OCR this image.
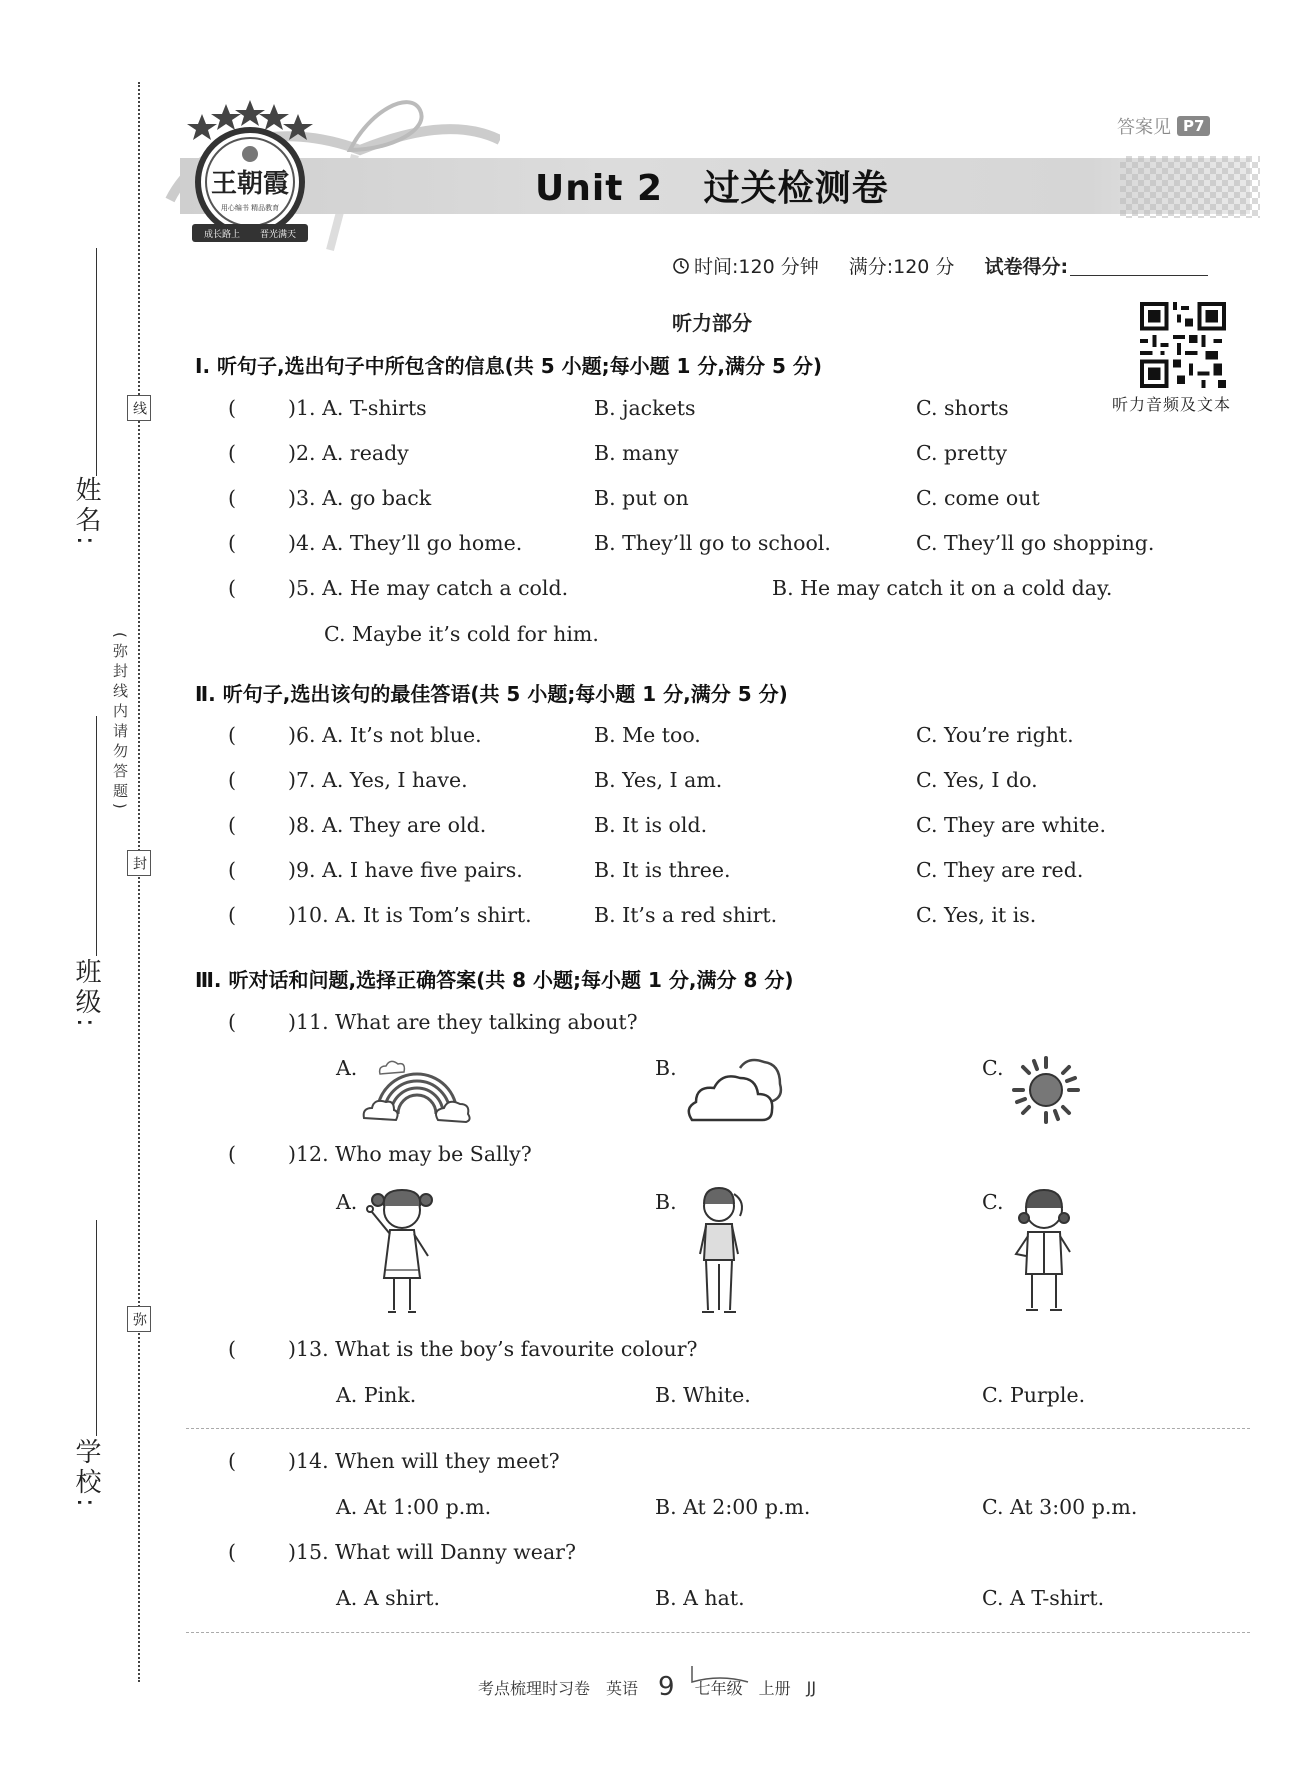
姓名:
班级:
学校:
线
封
弥
(弥封线内请勿答题)
王朝霞
用心编书 精品教育
成长路上 晋光满天
Unit 2   过关检测卷
答案见 P7
时间:120 分钟 满分:120 分 试卷得分:
听力音频及文本
听力部分
Ⅰ. 听句子,选出句子中所包含的信息(共 5 小题;每小题 1 分,满分 5 分)
(	)1. A. T-shirts	B. jackets	C. shorts
(	)2. A. ready	B. many	C. pretty
(	)3. A. go back	B. put on	C. come out
(	)4. A. They’ll go home.	B. They’ll go to school.	C. They’ll go shopping.
(	)5. A. He may catch a cold.	B. He may catch it on a cold day.
C. Maybe it’s cold for him.
Ⅱ. 听句子,选出该句的最佳答语(共 5 小题;每小题 1 分,满分 5 分)
(	)6. A. It’s not blue.	B. Me too.	C. You’re right.
(	)7. A. Yes, I have.	B. Yes, I am.	C. Yes, I do.
(	)8. A. They are old.	B. It is old.	C. They are white.
(	)9. A. I have five pairs.	B. It is three.	C. They are red.
(	)10. A. It is Tom’s shirt.	B. It’s a red shirt.	C. Yes, it is.
Ⅲ. 听对话和问题,选择正确答案(共 8 小题;每小题 1 分,满分 8 分)
(	)11. What are they talking about?
A.	B.	C.
(	)12. Who may be Sally?
A.	B.	C.
(	)13. What is the boy’s favourite colour?
A. Pink.	B. White.	C. Purple.
(	)14. When will they meet?
A. At 1:00 p.m.	B. At 2:00 p.m.	C. At 3:00 p.m.
(	)15. What will Danny wear?
A. A shirt.	B. A hat.	C. A T-shirt.
考点梳理时习卷 英语 9 七年级 上册 JJ
